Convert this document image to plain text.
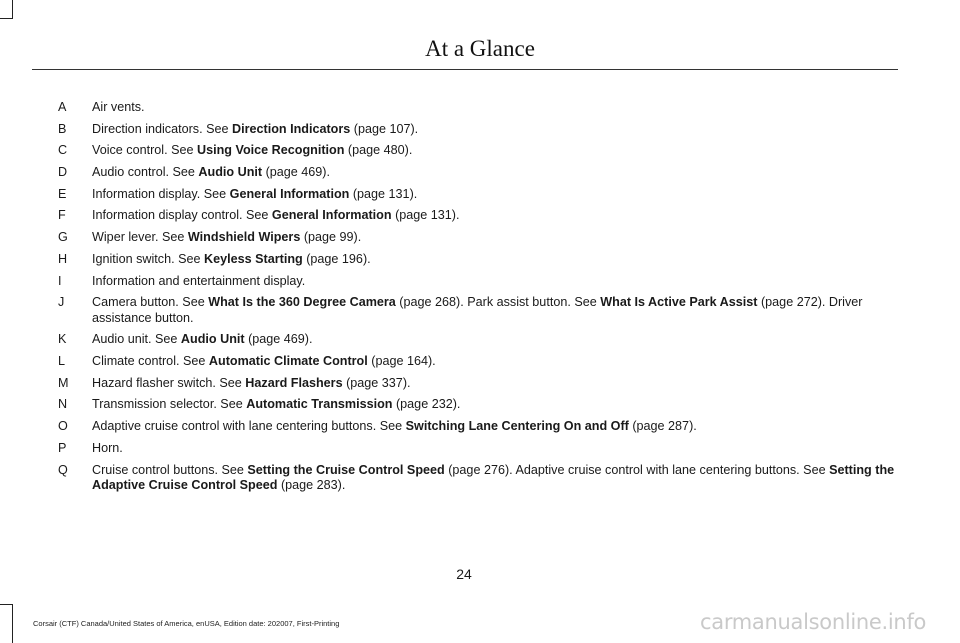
At a Glance
A	Air vents.
B	Direction indicators. See Direction Indicators (page 107).
C	Voice control. See Using Voice Recognition (page 480).
D	Audio control. See Audio Unit (page 469).
E	Information display. See General Information (page 131).
F	Information display control. See General Information (page 131).
G	Wiper lever. See Windshield Wipers (page 99).
H	Ignition switch. See Keyless Starting (page 196).
I	Information and entertainment display.
J	Camera button. See What Is the 360 Degree Camera (page 268). Park assist button. See What Is Active Park Assist (page 272). Driver assistance button.
K	Audio unit. See Audio Unit (page 469).
L	Climate control. See Automatic Climate Control (page 164).
M	Hazard flasher switch. See Hazard Flashers (page 337).
N	Transmission selector. See Automatic Transmission (page 232).
O	Adaptive cruise control with lane centering buttons. See Switching Lane Centering On and Off (page 287).
P	Horn.
Q	Cruise control buttons. See Setting the Cruise Control Speed (page 276). Adaptive cruise control with lane centering buttons. See Setting the Adaptive Cruise Control Speed (page 283).
24
Corsair (CTF) Canada/United States of America, enUSA, Edition date: 202007, First-Printing	carmanualsonline.info
